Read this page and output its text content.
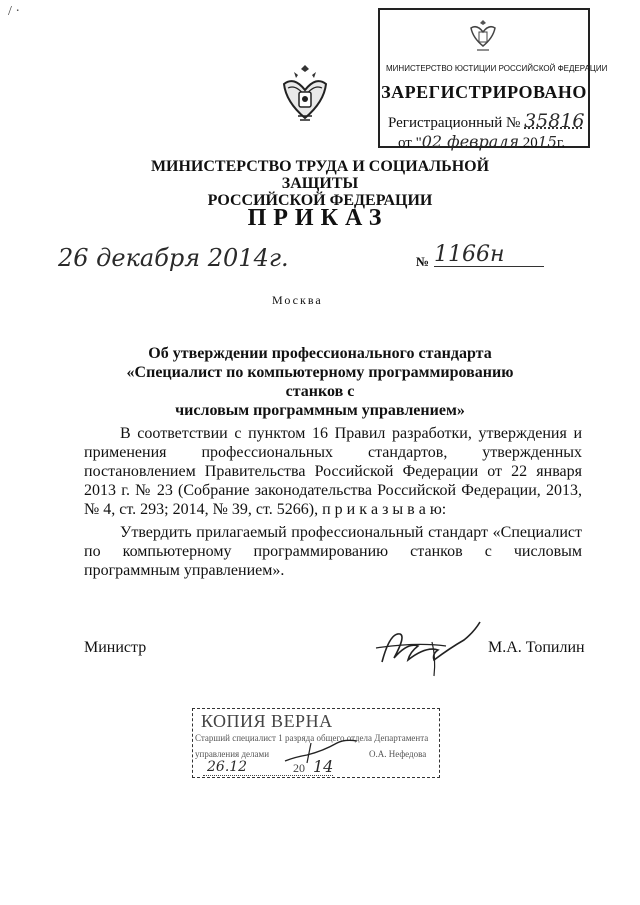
/ ·
МИНИСТЕРСТВО ЮСТИЦИИ РОССИЙСКОЙ ФЕДЕРАЦИИ
ЗАРЕГИСТРИРОВАНО
Регистрационный № 35816
от "02 февраля 2015г.
МИНИСТЕРСТВО ТРУДА И СОЦИАЛЬНОЙ ЗАЩИТЫ
РОССИЙСКОЙ ФЕДЕРАЦИИ
ПРИКАЗ
26 декабря 2014г.	№ 1166н
Москва
Об утверждении профессионального стандарта
«Специалист по компьютерному программированию станков с
числовым программным управлением»
В соответствии с пунктом 16 Правил разработки, утверждения и применения профессиональных стандартов, утвержденных постановлением Правительства Российской Федерации от 22 января 2013 г. № 23 (Собрание законодательства Российской Федерации, 2013, № 4, ст. 293; 2014, № 39, ст. 5266), п р и к а з ы в а ю:
Утвердить прилагаемый профессиональный стандарт «Специалист по компьютерному программированию станков с числовым программным управлением».
Министр	М.А. Топилин
КОПИЯ ВЕРНА
Старший специалист 1 разряда общего отдела Департамента
управления делами	О.А. Нефедова
26.12	20 14
